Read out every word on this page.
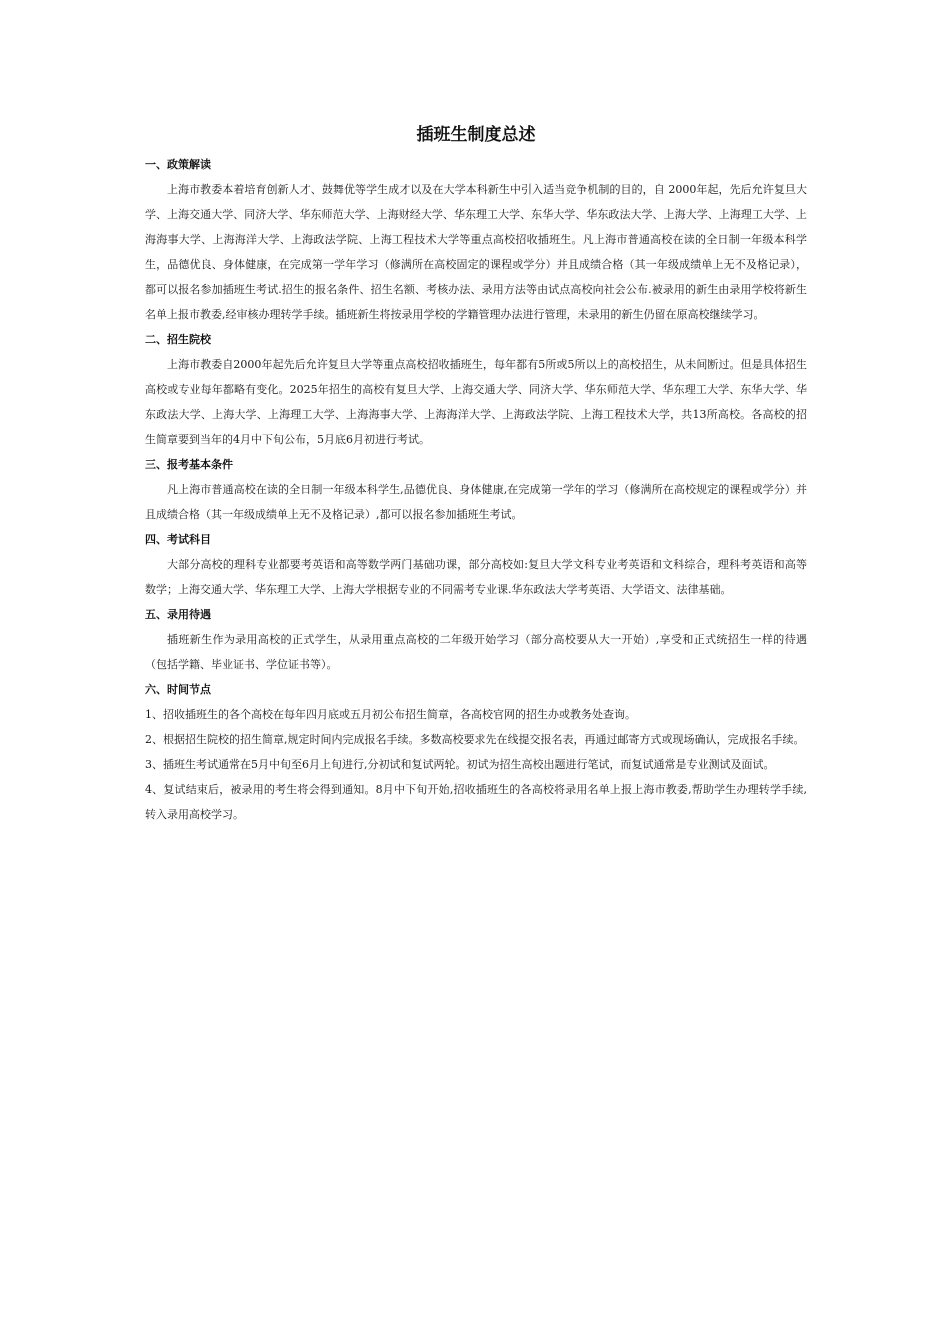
插班生制度总述

一、政策解读

上海市教委本着培育创新人才、鼓舞优等学生成才以及在大学本科新生中引入适当竞争机制的目的，自 2000年起，先后允许复旦大学、上海交通大学、同济大学、华东师范大学、上海财经大学、华东理工大学、东华大学、华东政法大学、上海大学、上海理工大学、上海海事大学、上海海洋大学、上海政法学院、上海工程技术大学等重点高校招收插班生。凡上海市普通高校在读的全日制一年级本科学生，品德优良、身体健康，在完成第一学年学习（修满所在高校固定的课程或学分）并且成绩合格（其一年级成绩单上无不及格记录），都可以报名参加插班生考试.招生的报名条件、招生名额、考核办法、录用方法等由试点高校向社会公布.被录用的新生由录用学校将新生名单上报市教委,经审核办理转学手续。插班新生将按录用学校的学籍管理办法进行管理，未录用的新生仍留在原高校继续学习。

二、招生院校

上海市教委自2000年起先后允许复旦大学等重点高校招收插班生，每年都有5所或5所以上的高校招生，从未间断过。但是具体招生高校或专业每年都略有变化。2025年招生的高校有复旦大学、上海交通大学、同济大学、华东师范大学、华东理工大学、东华大学、华东政法大学、上海大学、上海理工大学、上海海事大学、上海海洋大学、上海政法学院、上海工程技术大学，共13所高校。各高校的招生简章要到当年的4月中下旬公布，5月底6月初进行考试。

三、报考基本条件

凡上海市普通高校在读的全日制一年级本科学生,品德优良、身体健康,在完成第一学年的学习（修满所在高校规定的课程或学分）并且成绩合格（其一年级成绩单上无不及格记录）,都可以报名参加插班生考试。

四、考试科目

大部分高校的理科专业都要考英语和高等数学两门基础功课，部分高校如:复旦大学文科专业考英语和文科综合，理科考英语和高等数学；上海交通大学、华东理工大学、上海大学根据专业的不同需考专业课.华东政法大学考英语、大学语文、法律基础。

五、录用待遇

插班新生作为录用高校的正式学生，从录用重点高校的二年级开始学习（部分高校要从大一开始）,享受和正式统招生一样的待遇（包括学籍、毕业证书、学位证书等）。

六、时间节点

1、招收插班生的各个高校在每年四月底或五月初公布招生简章，各高校官网的招生办或教务处查询。

2、根据招生院校的招生简章,规定时间内完成报名手续。多数高校要求先在线提交报名表，再通过邮寄方式或现场确认，完成报名手续。

3、插班生考试通常在5月中旬至6月上旬进行,分初试和复试两轮。初试为招生高校出题进行笔试，而复试通常是专业测试及面试。

4、复试结束后，被录用的考生将会得到通知。8月中下旬开始,招收插班生的各高校将录用名单上报上海市教委,帮助学生办理转学手续,转入录用高校学习。
